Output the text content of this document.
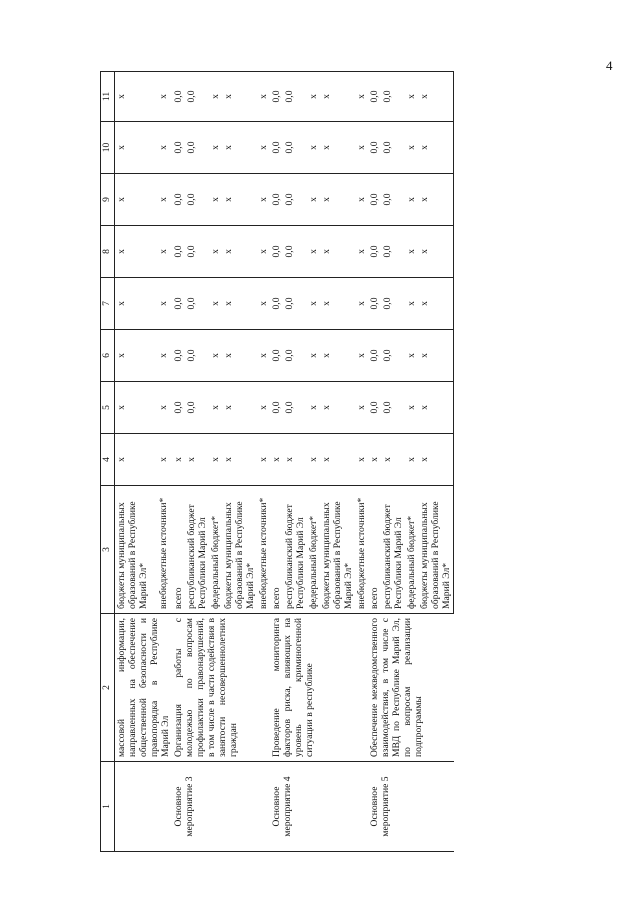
4
1	2	3	4	5	6	7	8	9	10	11
	массовой информации, направленных на обеспечение общественной безопасности и правопорядка в Республике Марий Эл	бюджеты муниципальных образований в Республике Марий Эл*	х	х	х	х	х	х	х	х
		внебюджетные источники*	х	х	х	х	х	х	х	х
Основное мероприятие 3	Организация работы с молодежью по вопросам профилактики правонарушений, в том числе в части содействия в занятости несовершеннолетних граждан	всего	х	0,0	0,0	0,0	0,0	0,0	0,0	0,0
		республиканский бюджет Республики Марий Эл	х	0,0	0,0	0,0	0,0	0,0	0,0	0,0
		федеральный бюджет*	х	х	х	х	х	х	х	х
		бюджеты муниципальных образований в Республике Марий Эл*	х	х	х	х	х	х	х	х
		внебюджетные источники*	х	х	х	х	х	х	х	х
Основное мероприятие 4	Проведение мониторинга факторов риска, влияющих на уровень криминогенной ситуации в республике	всего	х	0,0	0,0	0,0	0,0	0,0	0,0	0,0
		республиканский бюджет Республики Марий Эл	х	0,0	0,0	0,0	0,0	0,0	0,0	0,0
		федеральный бюджет*	х	х	х	х	х	х	х	х
		бюджеты муниципальных образований в Республике Марий Эл*	х	х	х	х	х	х	х	х
		внебюджетные источники*	х	х	х	х	х	х	х	х
Основное мероприятие 5	Обеспечение межведомственного взаимодействия, в том числе с МВД по Республике Марий Эл, по вопросам реализации подпрограммы	всего	х	0,0	0,0	0,0	0,0	0,0	0,0	0,0
		республиканский бюджет Республики Марий Эл	х	0,0	0,0	0,0	0,0	0,0	0,0	0,0
		федеральный бюджет*	х	х	х	х	х	х	х	х
		бюджеты муниципальных образований в Республике Марий Эл*	х	х	х	х	х	х	х	х
